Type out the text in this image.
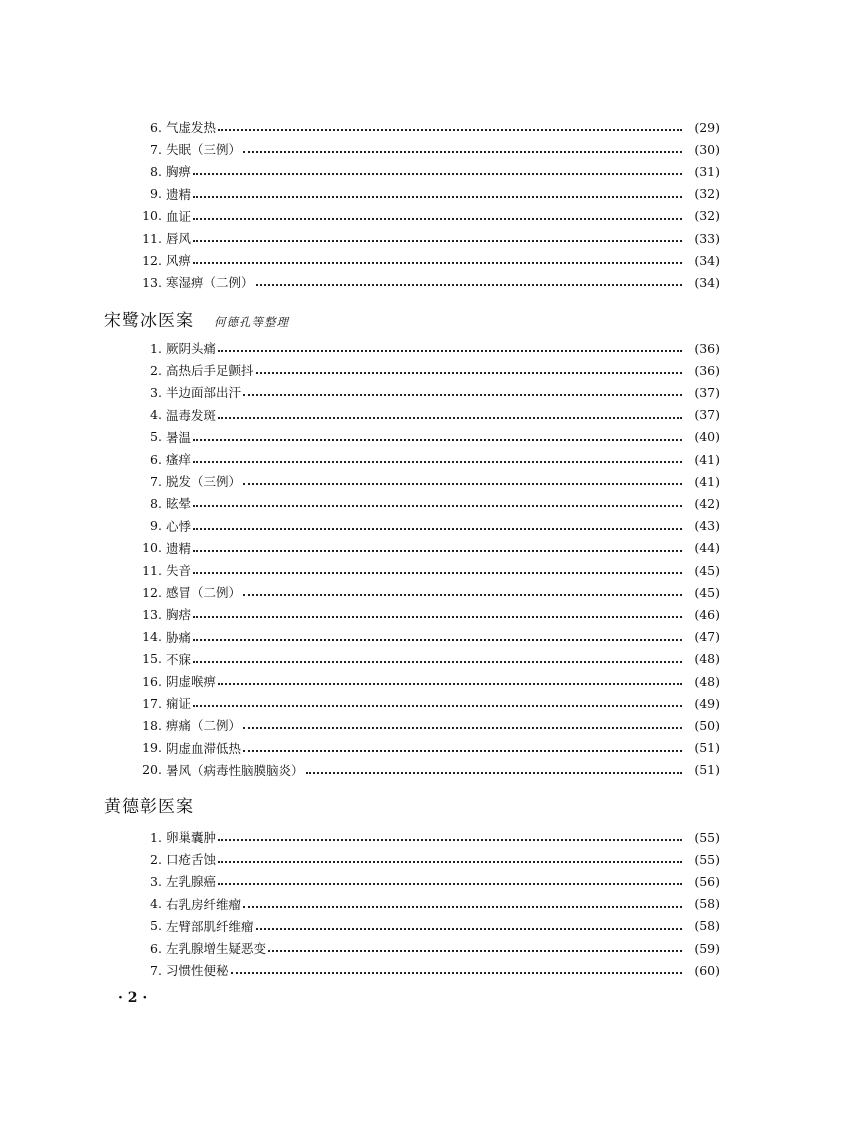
6 . 气虚发热	(29)
7 . 失眠（三例）	(30)
8 . 胸痹	(31)
9 . 遗精	(32)
10 . 血证	(32)
11 . 唇风	(33)
12 . 风痹	(34)
13 . 寒湿痹（二例）	(34)
宋鹭冰医案 何德孔等整理
1 . 厥阴头痛	(36)
2 . 高热后手足颤抖	(36)
3 . 半边面部出汗	(37)
4 . 温毒发斑	(37)
5 . 暑温	(40)
6 . 瘙痒	(41)
7 . 脱发（三例）	(41)
8 . 眩晕	(42)
9 . 心悸	(43)
10 . 遗精	(44)
11 . 失音	(45)
12 . 感冒（二例）	(45)
13 . 胸痞	(46)
14 . 胁痛	(47)
15 . 不寐	(48)
16 . 阴虚喉痹	(48)
17 . 痫证	(49)
18 . 痹痛（二例）	(50)
19 . 阴虚血滞低热	(51)
20 . 暑风（病毒性脑膜脑炎）	(51)
黄德彰医案
1 . 卵巢囊肿	(55)
2 . 口疮舌蚀	(55)
3 . 左乳腺癌	(56)
4 . 右乳房纤维瘤	(58)
5 . 左臂部肌纤维瘤	(58)
6 . 左乳腺增生疑恶变	(59)
7 . 习惯性便秘	(60)
· 2 ·
